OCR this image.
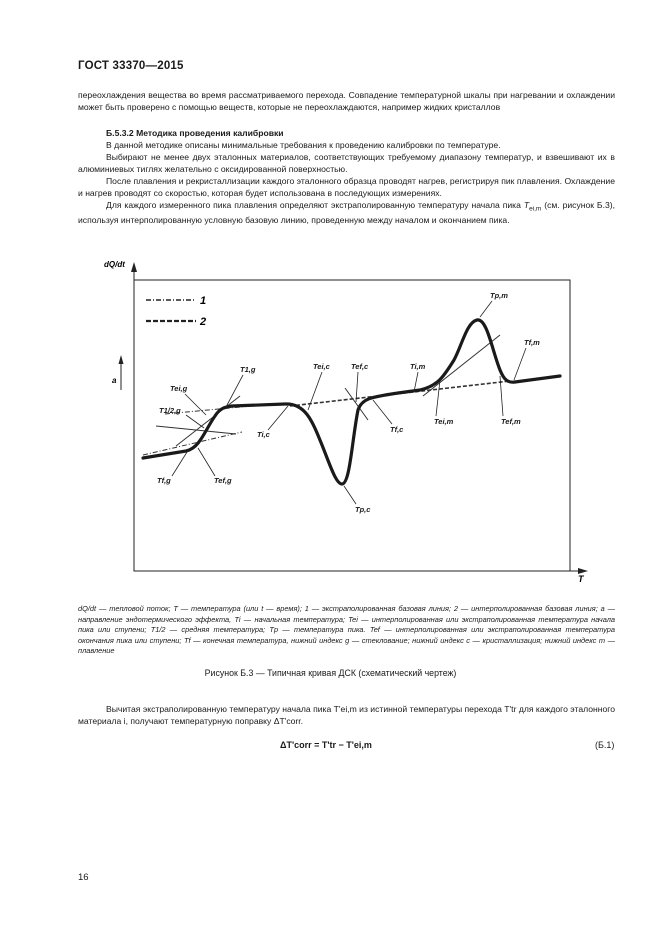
ГОСТ 33370—2015
переохлаждения вещества во время рассматриваемого перехода. Совпадение температурной шкалы при нагревании и охлаждении может быть проверено с помощью веществ, которые не переохлаждаются, например жидких кристаллов
Б.5.3.2 Методика проведения калибровки
В данной методике описаны минимальные требования к проведению калибровки по температуре.
Выбирают не менее двух эталонных материалов, соответствующих требуемому диапазону температур, и взвешивают их в алюминиевых тиглях желательно с оксидированной поверхностью.
После плавления и рекристаллизации каждого эталонного образца проводят нагрев, регистрируя пик плавления. Охлаждение и нагрев проводят со скоростью, которая будет использована в последующих измерениях.
Для каждого измеренного пика плавления определяют экстраполированную температуру начала пика $T_{ei,m}$ (см. рисунок Б.3), используя интерполированную условную базовую линию, проведенную между началом и окончанием пика.
dQ/dt
T
a
1
2
T1,g
Tei,g
T1/2,g
Tf,g	Tef,g
Ti,c
Tei,c
Tp,c
Tef,c
Tf,c
Ti,m
Tei,m
Tp,m
Tef,m
Tf,m
dQ/dt — тепловой поток; T — температура (или t — время); 1 — экстраполированная базовая линия; 2 — интерполированная базовая линия; a — направление эндотермического эффекта, Ti — начальная температура; Tei — интерполированная или экстраполированная температура начала пика или ступени; T1/2 — средняя температура; Tp — температура пика. Tef — интерполированная или экстраполированная температура окончания пика или ступени; Tf — конечная температура, нижний индекс g — стеклование; нижний индекс c — кристаллизация; нижний индекс m — плавление
Рисунок Б.3 — Типичная кривая ДСК (схематический чертеж)
Вычитая экстраполированную температуру начала пика T'ei,m из истинной температуры перехода T'tr для каждого эталонного материала i, получают температурную поправку ΔT'corr.
ΔT'corr = T'tr − T'ei,m	(Б.1)
16
